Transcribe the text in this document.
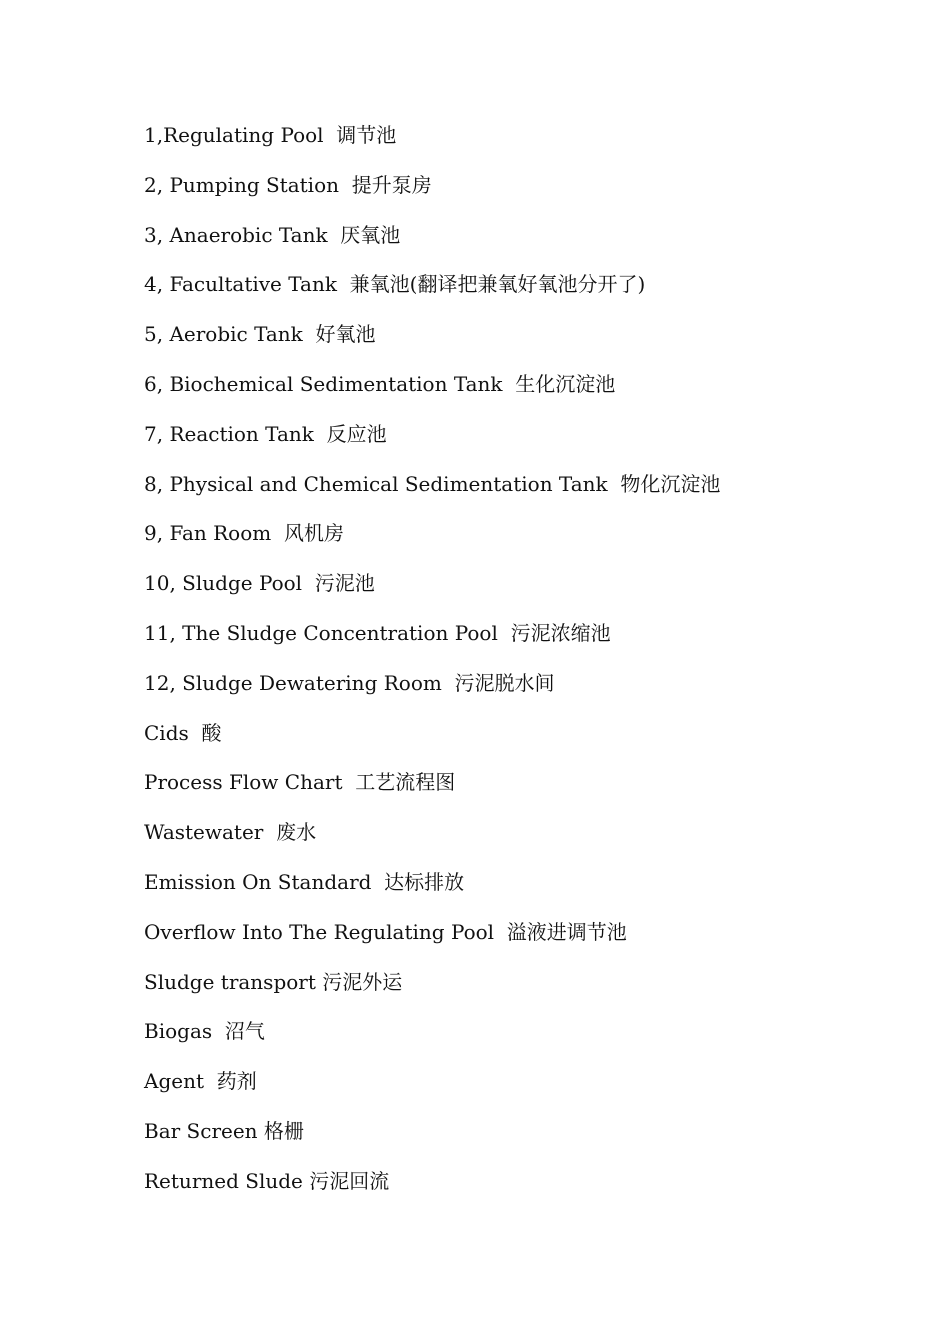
1,Regulating Pool  调节池
2, Pumping Station  提升泵房
3, Anaerobic Tank  厌氧池
4, Facultative Tank  兼氧池(翻译把兼氧好氧池分开了)
5, Aerobic Tank  好氧池
6, Biochemical Sedimentation Tank  生化沉淀池
7, Reaction Tank  反应池
8, Physical and Chemical Sedimentation Tank  物化沉淀池
9, Fan Room  风机房
10, Sludge Pool  污泥池
11, The Sludge Concentration Pool  污泥浓缩池
12, Sludge Dewatering Room  污泥脱水间
Cids  酸
Process Flow Chart  工艺流程图
Wastewater  废水
Emission On Standard  达标排放
Overflow Into The Regulating Pool  溢液进调节池
Sludge transport 污泥外运
Biogas  沼气
Agent  药剂
Bar Screen 格栅
Returned Slude 污泥回流
